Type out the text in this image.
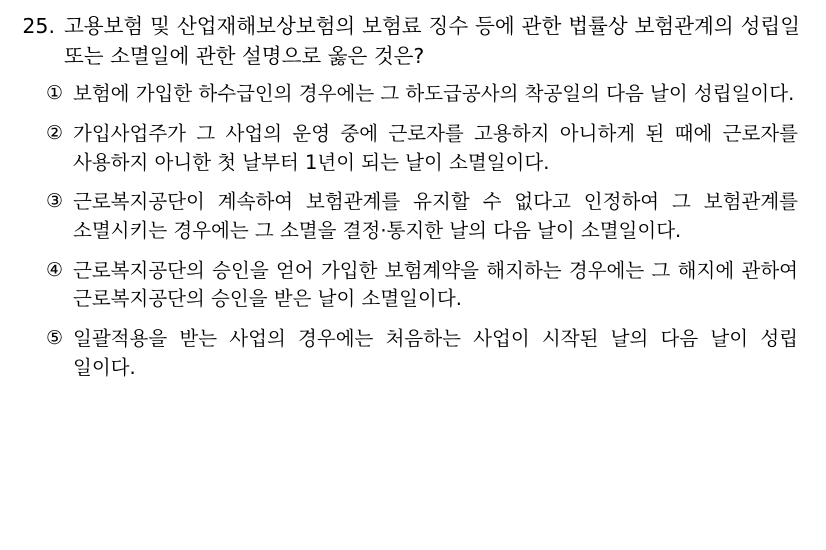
25. 고용보험 및 산업재해보상보험의 보험료 징수 등에 관한 법률상 보험관계의 성립일 또는 소멸일에 관한 설명으로 옳은 것은?
① 보험에 가입한 하수급인의 경우에는 그 하도급공사의 착공일의 다음 날이 성립일이다.
② 가입사업주가 그 사업의 운영 중에 근로자를 고용하지 아니하게 된 때에 근로자를 사용하지 아니한 첫 날부터 1년이 되는 날이 소멸일이다.
③ 근로복지공단이 계속하여 보험관계를 유지할 수 없다고 인정하여 그 보험관계를 소멸시키는 경우에는 그 소멸을 결정·통지한 날의 다음 날이 소멸일이다.
④ 근로복지공단의 승인을 얻어 가입한 보험계약을 해지하는 경우에는 그 해지에 관하여 근로복지공단의 승인을 받은 날이 소멸일이다.
⑤ 일괄적용을 받는 사업의 경우에는 처음하는 사업이 시작된 날의 다음 날이 성립 일이다.
